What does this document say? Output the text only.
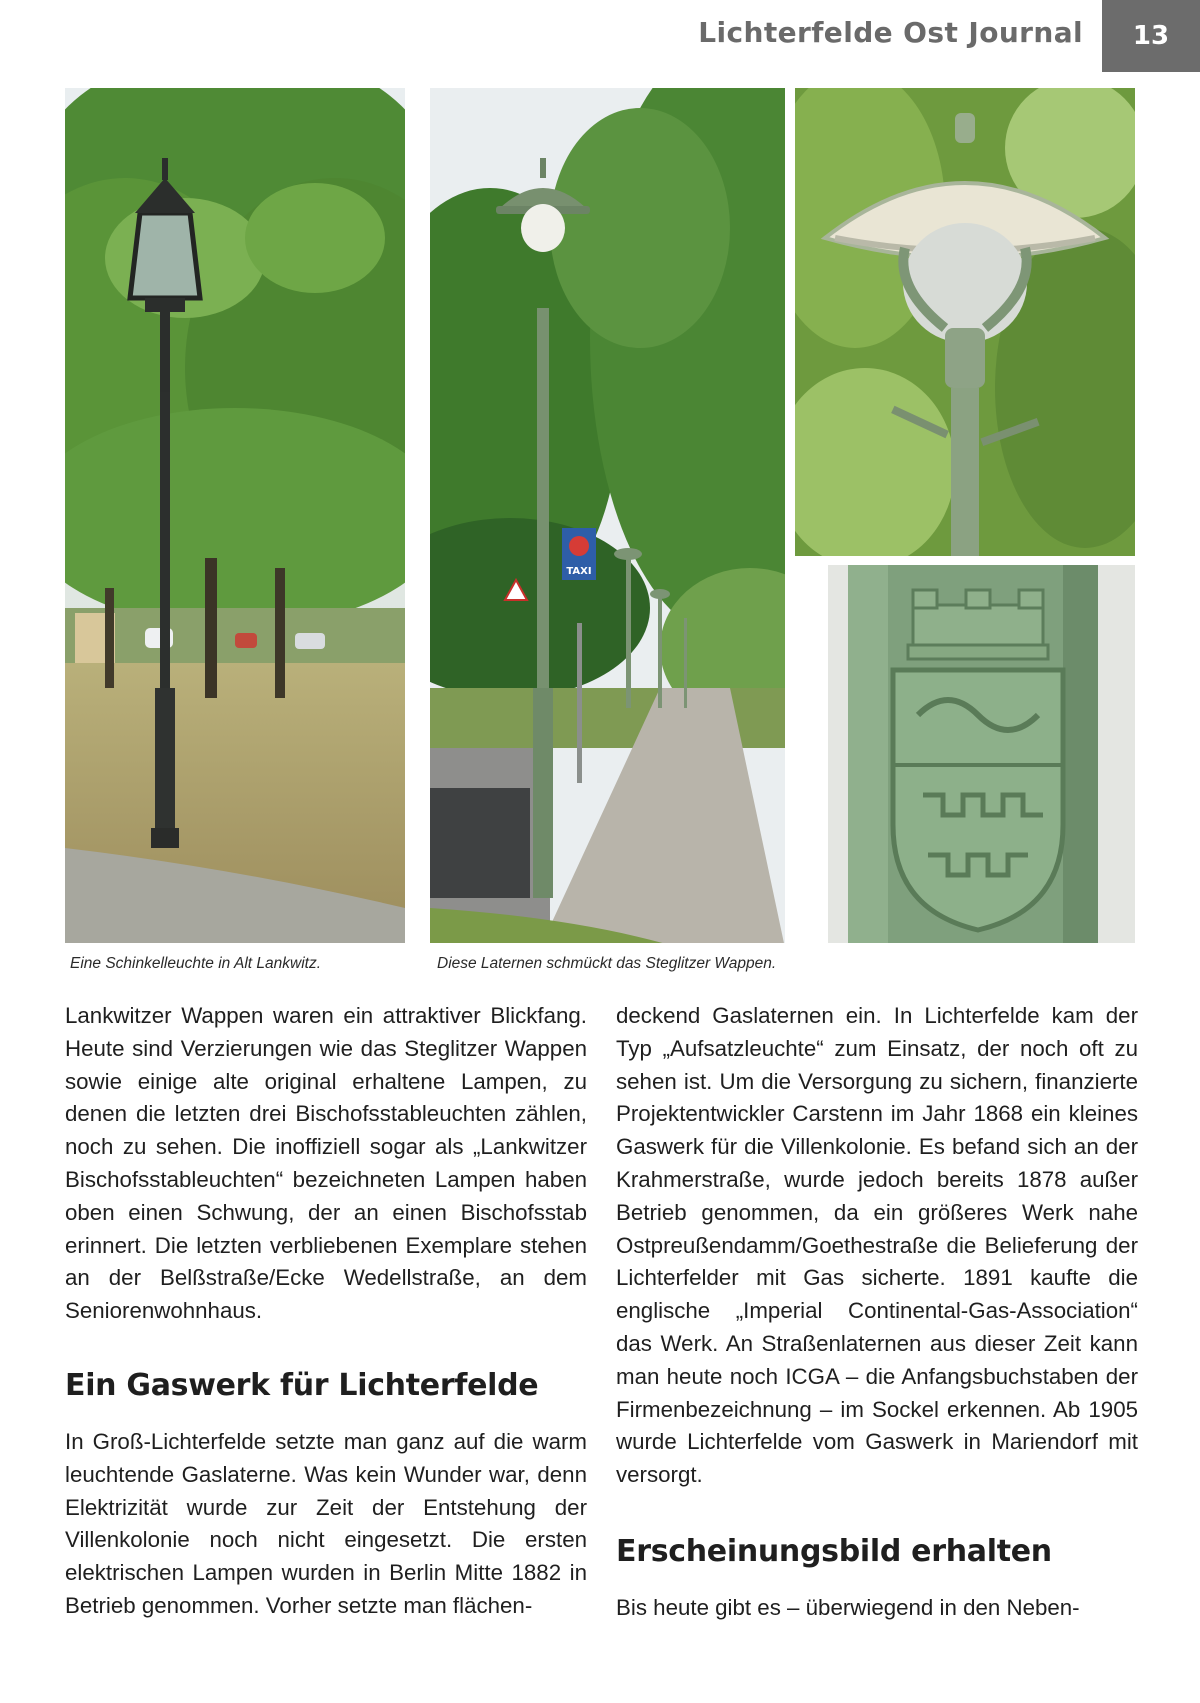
Lichterfelde Ost Journal	13
TAXI
Eine Schinkelleuchte in Alt Lankwitz.	Diese Laternen schmückt das Steglitzer Wappen.

Lankwitzer Wappen waren ein attraktiver Blickfang. Heute sind Verzierungen wie das Steglitzer Wappen sowie einige alte original erhaltene Lampen, zu denen die letzten drei Bischofsstableuchten zählen, noch zu sehen. Die inoffiziell sogar als „Lankwitzer Bischofsstableuchten“ bezeichneten Lampen haben oben einen Schwung, der an einen Bischofsstab erinnert. Die letzten verbliebenen Exemplare stehen an der Belßstraße/Ecke Wedellstraße, an dem Seniorenwohnhaus.

Ein Gaswerk für Lichterfelde

In Groß-Lichterfelde setzte man ganz auf die warm leuchtende Gaslaterne. Was kein Wunder war, denn Elektrizität wurde zur Zeit der Entstehung der Villenkolonie noch nicht eingesetzt. Die ersten elektrischen Lampen wurden in Berlin Mitte 1882 in Betrieb genommen. Vorher setzte man flächen-

deckend Gaslaternen ein. In Lichterfelde kam der Typ „Aufsatzleuchte“ zum Einsatz, der noch oft zu sehen ist. Um die Versorgung zu sichern, finanzierte Projektentwickler Carstenn im Jahr 1868 ein kleines Gaswerk für die Villenkolonie. Es befand sich an der Krahmerstraße, wurde jedoch bereits 1878 außer Betrieb genommen, da ein größeres Werk nahe Ostpreußendamm/Goethestraße die Belieferung der Lichterfelder mit Gas sicherte. 1891 kaufte die englische „Imperial Continental-Gas-Association“ das Werk. An Straßenlaternen aus dieser Zeit kann man heute noch ICGA – die Anfangsbuchstaben der Firmenbezeichnung – im Sockel erkennen. Ab 1905 wurde Lichterfelde vom Gaswerk in Mariendorf mit versorgt.

Erscheinungsbild erhalten

Bis heute gibt es – überwiegend in den Neben-
